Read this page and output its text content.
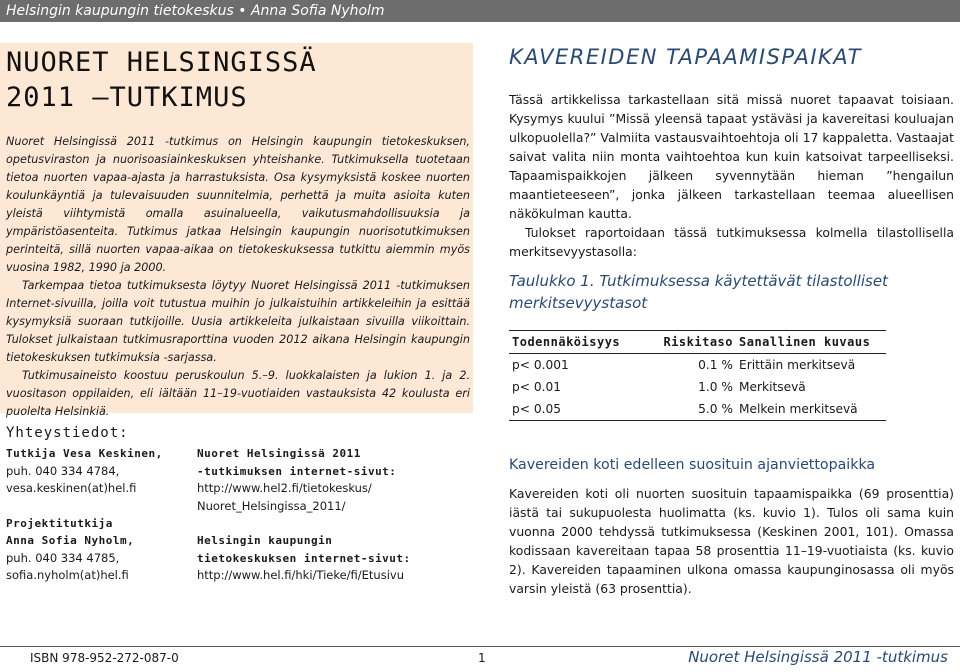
Helsingin kaupungin tietokeskus • Anna Sofia Nyholm
NUORET HELSINGISSÄ
2011 —TUTKIMUS

Nuoret Helsingissä 2011 -tutkimus on Helsingin kaupungin tietokeskuksen, opetusviraston ja nuorisoasiainkeskuksen yhteishanke. Tutkimuksella tuotetaan tietoa nuorten vapaa-ajasta ja harrastuksista. Osa kysymyksistä koskee nuorten koulunkäyntiä ja tulevaisuuden suunnitelmia, perhettä ja muita asioita kuten yleistä viihtymistä omalla asuinalueella, vaikutusmahdollisuuksia ja ympäristöasenteita. Tutkimus jatkaa Helsingin kaupungin nuorisotutkimuksen perinteitä, sillä nuorten vapaa-aikaa on tietokeskuksessa tutkittu aiemmin myös vuosina 1982, 1990 ja 2000.

Tarkempaa tietoa tutkimuksesta löytyy Nuoret Helsingissä 2011 -tutkimuksen Internet-sivuilla, joilla voit tutustua muihin jo julkaistuihin artikkeleihin ja esittää kysymyksiä suoraan tutkijoille. Uusia artikkeleita julkaistaan sivuilla viikoittain. Tulokset julkaistaan tutkimusraporttina vuoden 2012 aikana Helsingin kaupungin tietokeskuksen tutkimuksia -sarjassa.

Tutkimusaineisto koostuu peruskoulun 5.–9. luokkalaisten ja lukion 1. ja 2. vuositason oppilaiden, eli iältään 11–19-vuotiaiden vastauksista 42 koulusta eri puolelta Helsinkiä.

Yhteystiedot:
Tutkija Vesa Keskinen,
puh. 040 334 4784,
vesa.keskinen(at)hel.fi
Projektitutkija
Anna Sofia Nyholm,
puh. 040 334 4785,
sofia.nyholm(at)hel.fi
Nuoret Helsingissä 2011
-tutkimuksen internet-sivut:
http://www.hel2.fi/tietokeskus/
Nuoret_Helsingissa_2011/
Helsingin kaupungin
tietokeskuksen internet-sivut:
http://www.hel.fi/hki/Tieke/fi/Etusivu
KAVEREIDEN TAPAAMISPAIKAT

Tässä artikkelissa tarkastellaan sitä missä nuoret tapaavat toisiaan. Kysymys kuului ”Missä yleensä tapaat ystäväsi ja kavereitasi kouluajan ulkopuolella?” Valmiita vastausvaihtoehtoja oli 17 kappaletta. Vastaajat saivat valita niin monta vaihtoehtoa kun kuin katsoivat tarpeelliseksi. Tapaamispaikkojen jälkeen syvennytään hieman ”hengailun maantieteeseen”, jonka jälkeen tarkastellaan teemaa alueellisen näkökulman kautta.

Tulokset raportoidaan tässä tutkimuksessa kolmella tilastollisella merkitsevyystasolla:

Taulukko 1. Tutkimuksessa käytettävät tilastolliset merkitsevyystasot
Todennäköisyys	Riskitaso	Sanallinen kuvaus
p< 0.001	0.1 %	Erittäin merkitsevä
p< 0.01	1.0 %	Merkitsevä
p< 0.05	5.0 %	Melkein merkitsevä
Kavereiden koti edelleen suosituin ajanviettopaikka

Kavereiden koti oli nuorten suosituin tapaamispaikka (69 prosenttia) iästä tai sukupuolesta huolimatta (ks. kuvio 1). Tulos oli sama kuin vuonna 2000 tehdyssä tutkimuksessa (Keskinen 2001, 101). Omassa kodissaan kavereitaan tapaa 58 prosenttia 11–19-vuotiaista (ks. kuvio 2). Kavereiden tapaaminen ulkona omassa kaupunginosassa oli myös varsin yleistä (63 prosenttia).

ISBN 978-952-272-087-0	1	Nuoret Helsingissä 2011 -tutkimus
